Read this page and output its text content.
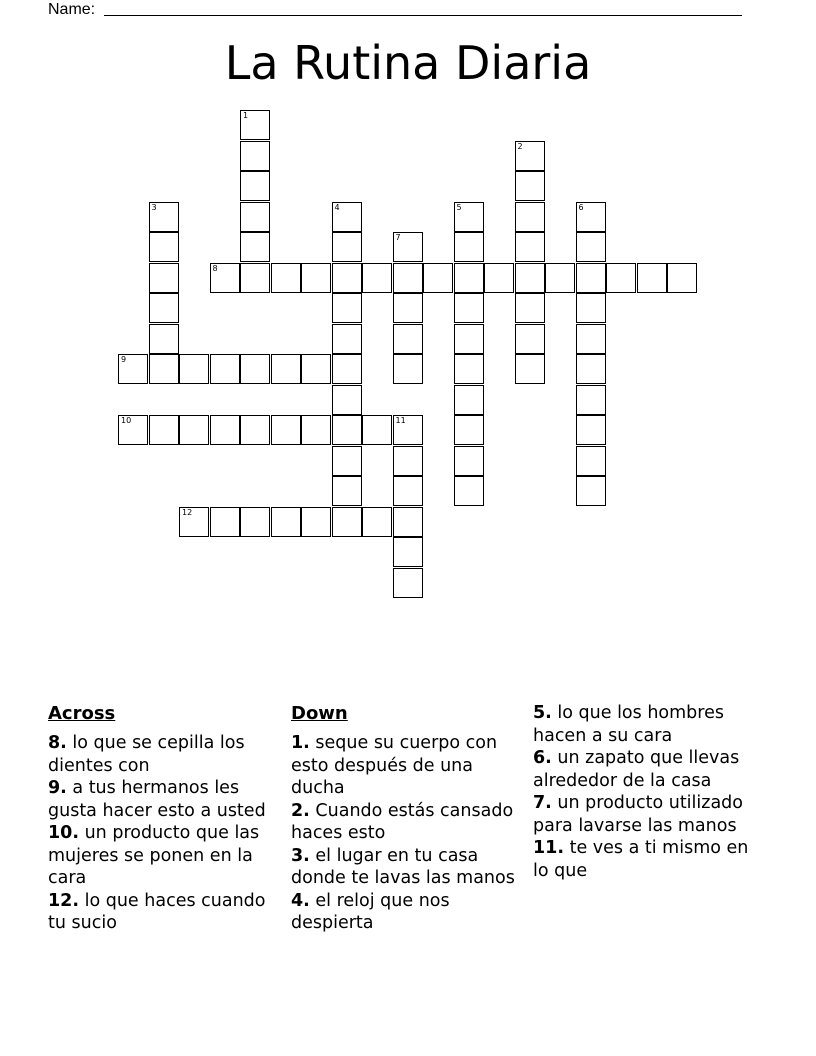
Name:
La Rutina Diaria
1
2
3	4	5	6
7
8
9
10	11
12
Across

8. lo que se cepilla los dientes con

9. a tus hermanos les gusta hacer esto a usted

10. un producto que las mujeres se ponen en la cara

12. lo que haces cuando tu sucio

Down

1. seque su cuerpo con esto después de una ducha

2. Cuando estás cansado haces esto

3. el lugar en tu casa donde te lavas las manos

4. el reloj que nos despierta

5. lo que los hombres hacen a su cara

6. un zapato que llevas alrededor de la casa

7. un producto utilizado para lavarse las manos

11. te ves a ti mismo en lo que
